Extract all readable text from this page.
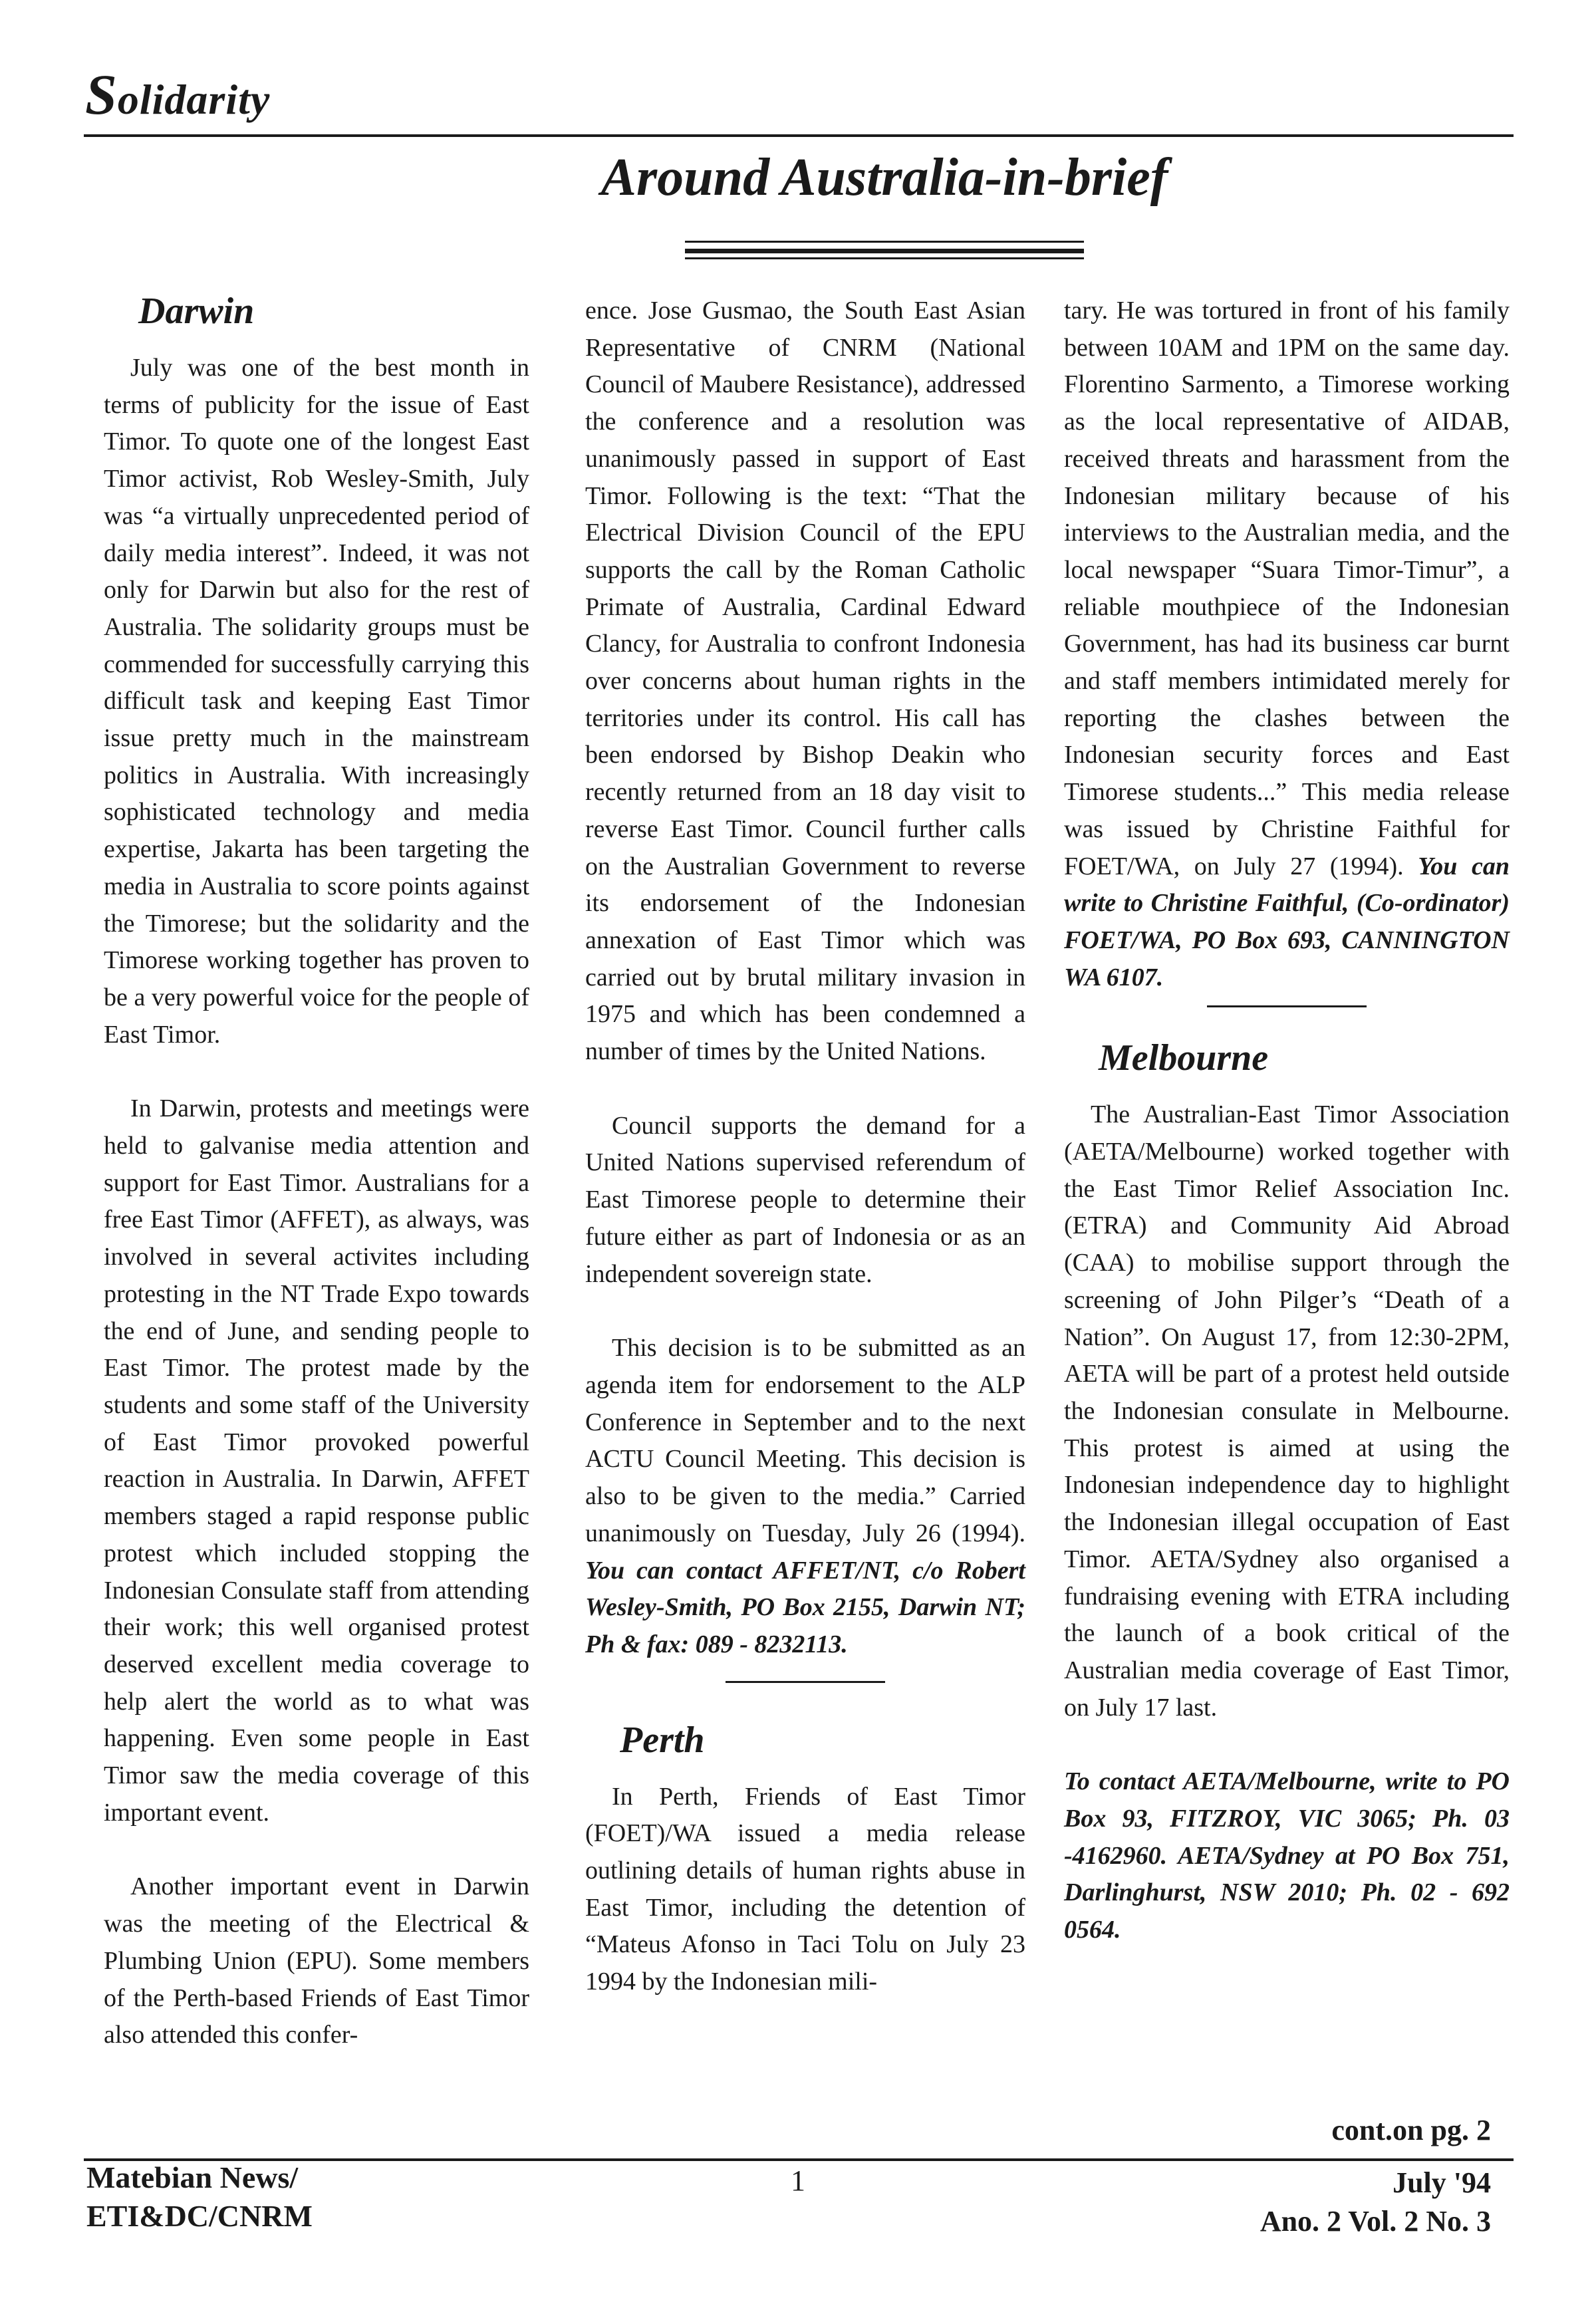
Solidarity
Around Australia-in-brief
Darwin

July was one of the best month in terms of publicity for the issue of East Timor. To quote one of the longest East Timor activist, Rob Wesley-Smith, July was “a virtually unprecedented period of daily media interest”. Indeed, it was not only for Darwin but also for the rest of Australia. The solidarity groups must be commended for successfully carrying this difficult task and keeping East Timor issue pretty much in the mainstream politics in Australia. With increasingly sophisticated technology and media expertise, Jakarta has been targeting the media in Australia to score points against the Timorese; but the solidarity and the Timorese working together has proven to be a very powerful voice for the people of East Timor.

In Darwin, protests and meetings were held to galvanise media attention and support for East Timor. Australians for a free East Timor (AFFET), as always, was involved in several activites including protesting in the NT Trade Expo towards the end of June, and sending people to East Timor. The protest made by the students and some staff of the University of East Timor provoked powerful reaction in Australia. In Darwin, AFFET members staged a rapid response public protest which included stopping the Indonesian Consulate staff from attending their work; this well organised protest deserved excellent media coverage to help alert the world as to what was happening. Even some people in East Timor saw the media coverage of this important event.

Another important event in Darwin was the meeting of the Electrical & Plumbing Union (EPU). Some members of the Perth-based Friends of East Timor also attended this confer-

ence. Jose Gusmao, the South East Asian Representative of CNRM (National Council of Maubere Resistance), addressed the conference and a resolution was unanimously passed in support of East Timor. Following is the text: “That the Electrical Division Council of the EPU supports the call by the Roman Catholic Primate of Australia, Cardinal Edward Clancy, for Australia to confront Indonesia over concerns about human rights in the territories under its control. His call has been endorsed by Bishop Deakin who recently returned from an 18 day visit to reverse East Timor. Council further calls on the Australian Government to reverse its endorsement of the Indonesian annexation of East Timor which was carried out by brutal military invasion in 1975 and which has been condemned a number of times by the United Nations.

Council supports the demand for a United Nations supervised referendum of East Timorese people to determine their future either as part of Indonesia or as an independent sovereign state.

This decision is to be submitted as an agenda item for endorsement to the ALP Conference in September and to the next ACTU Council Meeting. This decision is also to be given to the media.” Carried unanimously on Tuesday, July 26 (1994). You can contact AFFET/NT, c/o Robert Wesley-Smith, PO Box 2155, Darwin NT; Ph & fax: 089 - 8232113.

Perth

In Perth, Friends of East Timor (FOET)/WA issued a media release outlining details of human rights abuse in East Timor, including the detention of “Mateus Afonso in Taci Tolu on July 23 1994 by the Indonesian mili-

tary. He was tortured in front of his family between 10AM and 1PM on the same day. Florentino Sarmento, a Timorese working as the local representative of AIDAB, received threats and harassment from the Indonesian military because of his interviews to the Australian media, and the local newspaper “Suara Timor-Timur”, a reliable mouthpiece of the Indonesian Government, has had its business car burnt and staff members intimidated merely for reporting the clashes between the Indonesian security forces and East Timorese students...” This media release was issued by Christine Faithful for FOET/WA, on July 27 (1994). You can write to Christine Faithful, (Co-ordinator) FOET/WA, PO Box 693, CANNINGTON WA 6107.

Melbourne

The Australian-East Timor Association (AETA/Melbourne) worked together with the East Timor Relief Association Inc. (ETRA) and Community Aid Abroad (CAA) to mobilise support through the screening of John Pilger’s “Death of a Nation”. On August 17, from 12:30-2PM, AETA will be part of a protest held outside the Indonesian consulate in Melbourne. This protest is aimed at using the Indonesian independence day to highlight the Indonesian illegal occupation of East Timor. AETA/Sydney also organised a fundraising evening with ETRA including the launch of a book critical of the Australian media coverage of East Timor, on July 17 last.

To contact AETA/Melbourne, write to PO Box 93, FITZROY, VIC 3065; Ph. 03 -4162960. AETA/Sydney at PO Box 751, Darlinghurst, NSW 2010; Ph. 02 - 692 0564.

cont.on pg. 2
Matebian News/
ETI&DC/CNRM
1	July '94
Ano. 2 Vol. 2 No. 3
